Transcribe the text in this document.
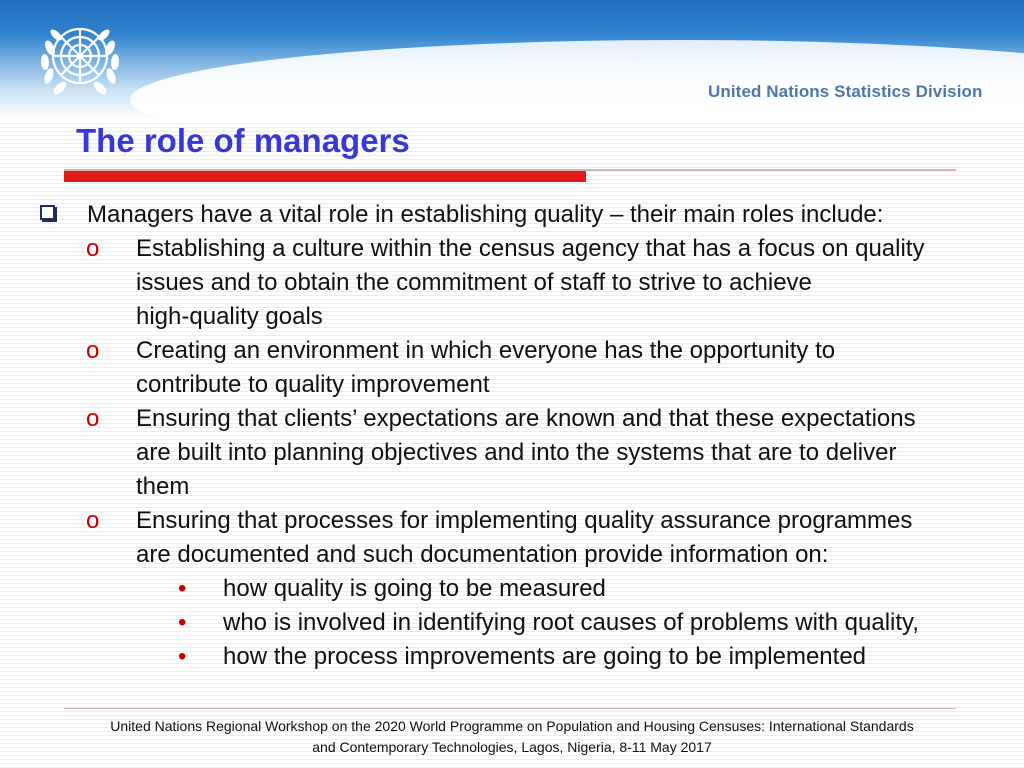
United Nations Statistics Division
The role of managers
Managers have a vital role in establishing quality – their main roles include:
o Establishing a culture within the census agency that has a focus on quality
issues and to obtain the commitment of staff to strive to achieve
high-quality goals
o Creating an environment in which everyone has the opportunity to
contribute to quality improvement
o Ensuring that clients’ expectations are known and that these expectations
are built into planning objectives and into the systems that are to deliver
them
o Ensuring that processes for implementing quality assurance programmes
are documented and such documentation provide information on:
• how quality is going to be measured
• who is involved in identifying root causes of problems with quality,
• how the process improvements are going to be implemented
United Nations Regional Workshop on the 2020 World Programme on Population and Housing Censuses: International Standards
and Contemporary Technologies, Lagos, Nigeria, 8-11 May 2017
